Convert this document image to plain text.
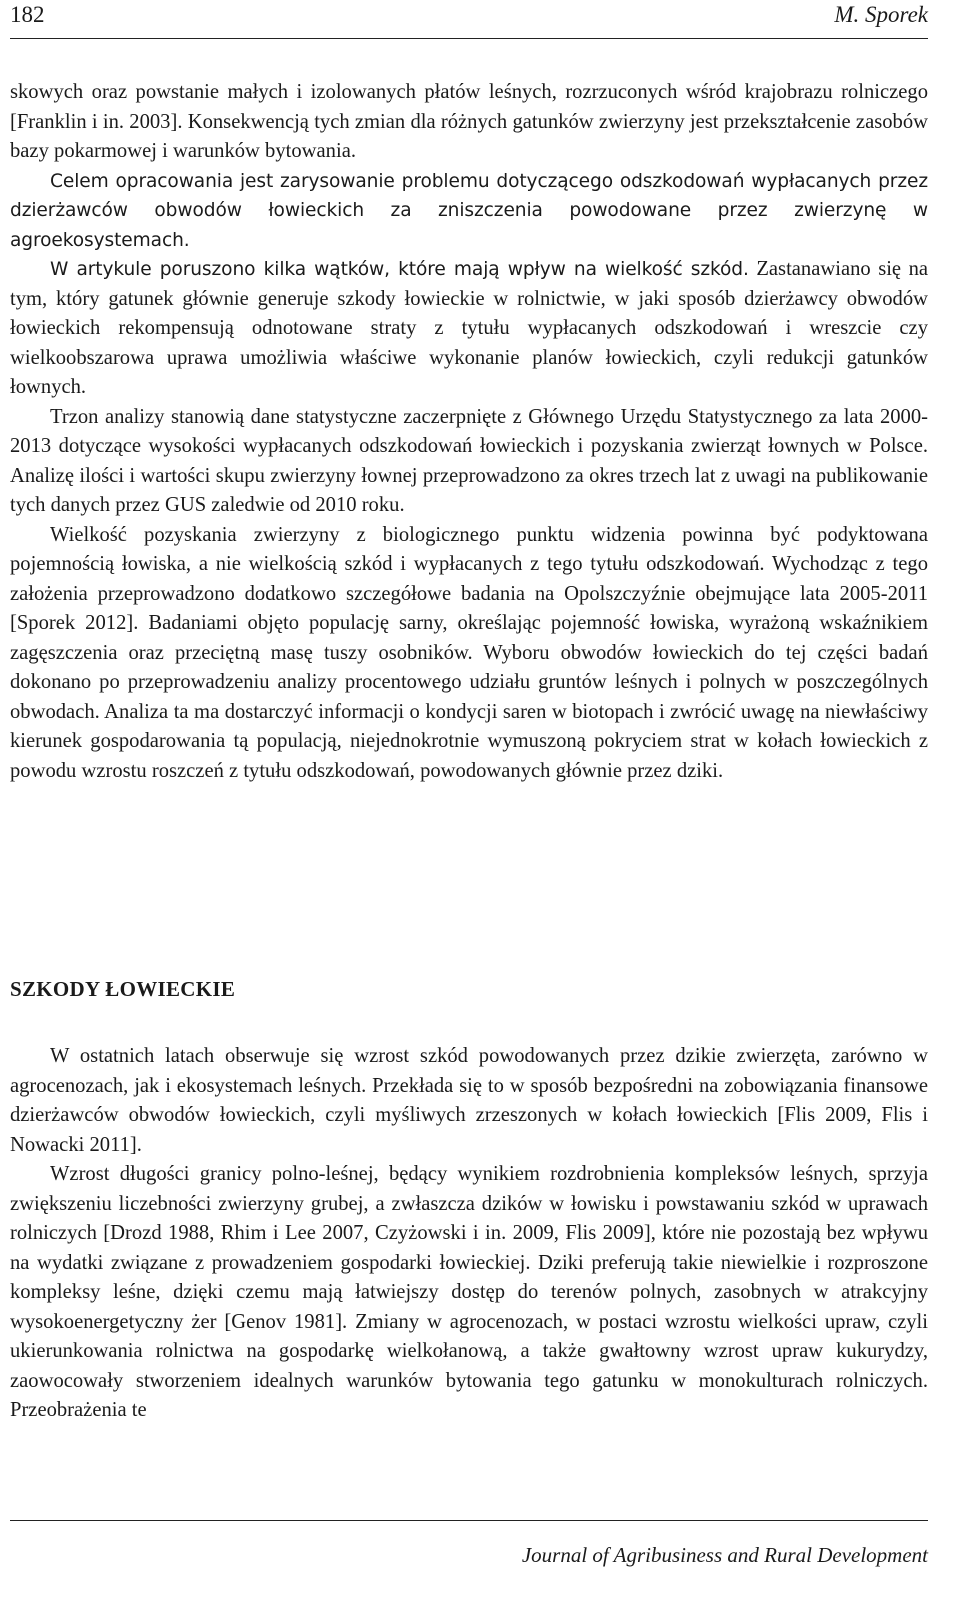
182	M. Sporek

skowych oraz powstanie małych i izolowanych płatów leśnych, rozrzuconych wśród krajobrazu rolniczego [Franklin i in. 2003]. Konsekwencją tych zmian dla różnych gatunków zwierzyny jest przekształcenie zasobów bazy pokarmowej i warunków bytowania.

Celem opracowania jest zarysowanie problemu dotyczącego odszkodowań wypłacanych przez dzierżawców obwodów łowieckich za zniszczenia powodowane przez zwierzynę w agroekosystemach.

W artykule poruszono kilka wątków, które mają wpływ na wielkość szkód. Zastanawiano się na tym, który gatunek głównie generuje szkody łowieckie w rolnictwie, w jaki sposób dzierżawcy obwodów łowieckich rekompensują odnotowane straty z tytułu wypłacanych odszkodowań i wreszcie czy wielkoobszarowa uprawa umożliwia właściwe wykonanie planów łowieckich, czyli redukcji gatunków łownych.

Trzon analizy stanowią dane statystyczne zaczerpnięte z Głównego Urzędu Statystycznego za lata 2000-2013 dotyczące wysokości wypłacanych odszkodowań łowieckich i pozyskania zwierząt łownych w Polsce. Analizę ilości i wartości skupu zwierzyny łownej przeprowadzono za okres trzech lat z uwagi na publikowanie tych danych przez GUS zaledwie od 2010 roku.

Wielkość pozyskania zwierzyny z biologicznego punktu widzenia powinna być podyktowana pojemnością łowiska, a nie wielkością szkód i wypłacanych z tego tytułu odszkodowań. Wychodząc z tego założenia przeprowadzono dodatkowo szczegółowe badania na Opolszczyźnie obejmujące lata 2005-2011 [Sporek 2012]. Badaniami objęto populację sarny, określając pojemność łowiska, wyrażoną wskaźnikiem zagęszczenia oraz przeciętną masę tuszy osobników. Wyboru obwodów łowieckich do tej części badań dokonano po przeprowadzeniu analizy procentowego udziału gruntów leśnych i polnych w poszczególnych obwodach. Analiza ta ma dostarczyć informacji o kondycji saren w biotopach i zwrócić uwagę na niewłaściwy kierunek gospodarowania tą populacją, niejednokrotnie wymuszoną pokryciem strat w kołach łowieckich z powodu wzrostu roszczeń z tytułu odszkodowań, powodowanych głównie przez dziki.

SZKODY ŁOWIECKIE

W ostatnich latach obserwuje się wzrost szkód powodowanych przez dzikie zwierzęta, zarówno w agrocenozach, jak i ekosystemach leśnych. Przekłada się to w sposób bezpośredni na zobowiązania finansowe dzierżawców obwodów łowieckich, czyli myśliwych zrzeszonych w kołach łowieckich [Flis 2009, Flis i Nowacki 2011].

Wzrost długości granicy polno-leśnej, będący wynikiem rozdrobnienia kompleksów leśnych, sprzyja zwiększeniu liczebności zwierzyny grubej, a zwłaszcza dzików w łowisku i powstawaniu szkód w uprawach rolniczych [Drozd 1988, Rhim i Lee 2007, Czyżowski i in. 2009, Flis 2009], które nie pozostają bez wpływu na wydatki związane z prowadzeniem gospodarki łowieckiej. Dziki preferują takie niewielkie i rozproszone kompleksy leśne, dzięki czemu mają łatwiejszy dostęp do terenów polnych, zasobnych w atrakcyjny wysokoenergetyczny żer [Genov 1981]. Zmiany w agrocenozach, w postaci wzrostu wielkości upraw, czyli ukierunkowania rolnictwa na gospodarkę wielkołanową, a także gwałtowny wzrost upraw kukurydzy, zaowocowały stworzeniem idealnych warunków bytowania tego gatunku w monokulturach rolniczych. Przeobrażenia te

Journal of Agribusiness and Rural Development
